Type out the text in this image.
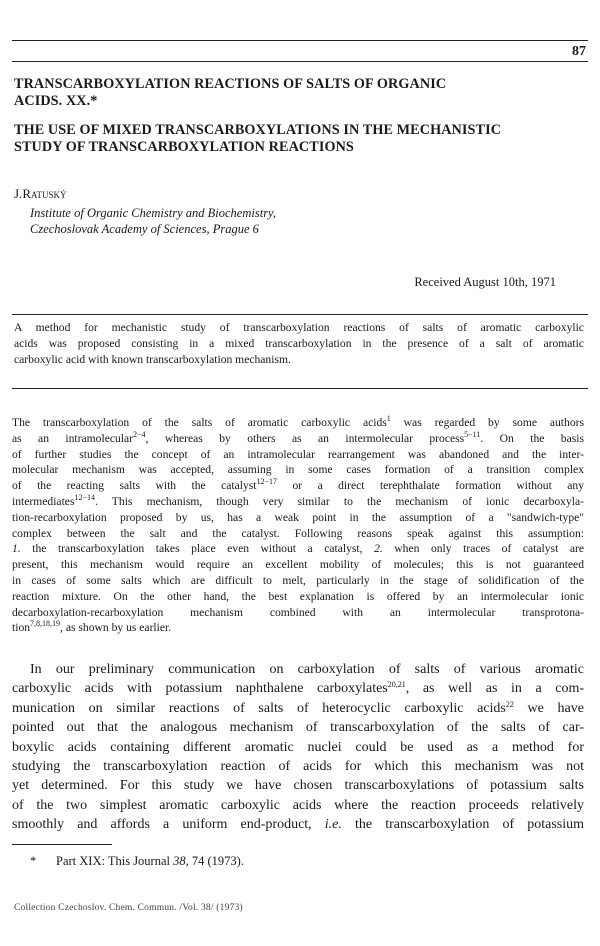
87
TRANSCARBOXYLATION REACTIONS OF SALTS OF ORGANIC
ACIDS. XX.*
THE USE OF MIXED TRANSCARBOXYLATIONS IN THE MECHANISTIC
STUDY OF TRANSCARBOXYLATION REACTIONS
J.Ratuský
Institute of Organic Chemistry and Biochemistry,
Czechoslovak Academy of Sciences, Prague 6
Received August 10th, 1971
A method for mechanistic study of transcarboxylation reactions of salts of aromatic carboxylic
acids was proposed consisting in a mixed transcarboxylation in the presence of a salt of aromatic
carboxylic acid with known transcarboxylation mechanism.
The transcarboxylation of the salts of aromatic carboxylic acids$^1$ was regarded by some authors
as an intramolecular$^{2-4}$, whereas by others as an intermolecular process$^{5-11}$. On the basis
of further studies the concept of an intramolecular rearrangement was abandoned and the inter-
molecular mechanism was accepted, assuming in some cases formation of a transition complex
of the reacting salts with the catalyst$^{12-17}$ or a direct terephthalate formation without any
intermediates$^{12-14}$. This mechanism, though very similar to the mechanism of ionic decarboxyla-
tion-recarboxylation proposed by us, has a weak point in the assumption of a "sandwich-type"
complex between the salt and the catalyst. Following reasons speak against this assumption:
1. the transcarboxylation takes place even without a catalyst, 2. when only traces of catalyst are
present, this mechanism would require an excellent mobility of molecules; this is not guaranteed
in cases of some salts which are difficult to melt, particularly in the stage of solidification of the
reaction mixture. On the other hand, the best explanation is offered by an intermolecular ionic
decarboxylation-recarboxylation mechanism combined with an intermolecular transprotona-
tion$^{7,8,18,19}$, as shown by us earlier.
In our preliminary communication on carboxylation of salts of various aromatic
carboxylic acids with potassium naphthalene carboxylates$^{20,21}$, as well as in a com-
munication on similar reactions of salts of heterocyclic carboxylic acids$^{22}$ we have
pointed out that the analogous mechanism of transcarboxylation of the salts of car-
boxylic acids containing different aromatic nuclei could be used as a method for
studying the transcarboxylation reaction of acids for which this mechanism was not
yet determined. For this study we have chosen transcarboxylations of potassium salts
of the two simplest aromatic carboxylic acids where the reaction proceeds relatively
smoothly and affords a uniform end-product, i.e. the transcarboxylation of potassium
* Part XIX: This Journal 38, 74 (1973).
Collection Czechoslov. Chem. Commun. /Vol. 38/ (1973)
